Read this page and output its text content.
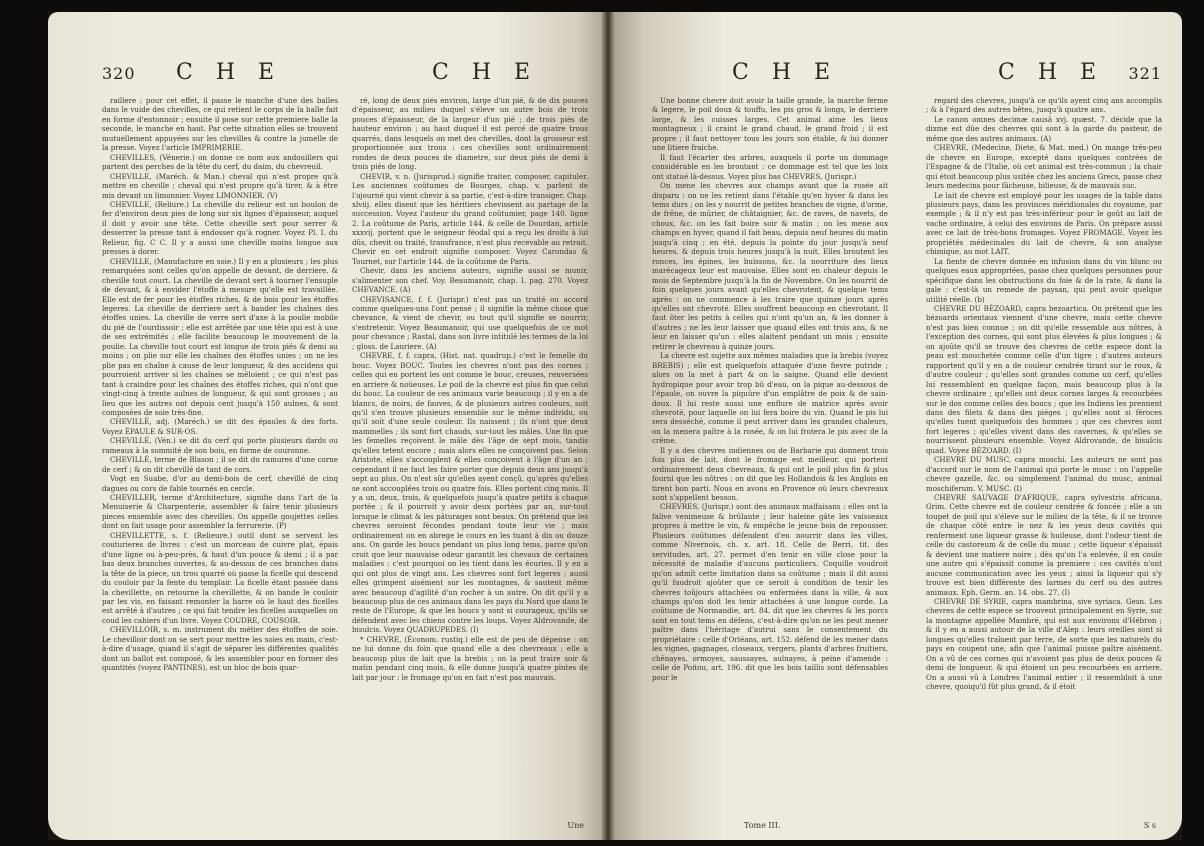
320 C H E	C H E

raillere ; pour cet effet, il passe le manche d'une des balles dans le vuide des chevilles, ce qui retient le corps de la balle fait en forme d'entonnoir ; ensuite il pose sur cette premiere balle la seconde, le manche en haut. Par cette situation elles se trouvent mutuellement appuyées sur les chevilles & contre la jumelle de la presse. Voyez l'article IMPRIMERIE.

CHEVILLES, (Vénerie.) on donne ce nom aux andouillers qui partent des perches de la tête du cerf, du daim, du chevreuil.

CHEVILLE, (Maréch. & Man.) cheval qui n'est propre qu'à mettre en cheville ; cheval qui n'est propre qu'à tirer, & à être mis devant un limonnier. Voyez LIMONNIER. (V)

CHEVILLE, (Reliure.) La cheville du relieur est un boulon de fer d'environ deux pies de long sur six lignes d'épaisseur, auquel il doit y avoir une tête. Cette cheville sert pour serrer & desserrer la presse tant à endosser qu'à rogner. Voyez Pl. I. du Relieur, fig. C C. Il y a aussi une cheville moins longue aux presses à dorer.

CHEVILLE, (Manufacture en soie.) Il y en a plusieurs ; les plus remarquées sont celles qu'on appelle de devant, de derriere, & cheville tout court. La cheville de devant sert à tourner l'ensuple de devant, & à envider l'étoffe à mesure qu'elle est travaillée. Elle est de fer pour les étoffes riches, & de bois pour les étoffes legeres. La cheville de derriere sert à bander les chaînes des étoffes unies. La cheville de verre sert d'axe à la poulie mobile du pié de l'ourdissoir ; elle est arrêtée par une tête qui est à une de ses extrémités ; elle facilite beaucoup le mouvement de la poulie. La cheville tout court est longue de trois piés & demi au moins ; on plie sur elle les chaînes des étoffes unies ; on ne les plie pas en chaîne à cause de leur longueur, & des accidens qui pourroient arriver si les chaînes se mêloient ; ce qui n'est pas tant à craindre pour les chaînes des étoffes riches, qui n'ont que vingt-cinq à trente aulnes de longueur, & qui sont grosses ; au lieu que les autres ont depuis cent jusqu'à 150 aulnes, & sont composées de soie très-fine.

CHEVILLÉ, adj. (Maréch.) se dit des épaules & des forts. Voyez ÉPAULE & SUR-OS.

CHEVILLÉ, (Vén.) se dit du cerf qui porte plusieurs dards ou rameaux à la sommité de son bois, en forme de couronne.

CHEVILLÉ, terme de Blason ; il se dit du ramures d'une corne de cerf ; & on dit chevillé de tant de cors.

Vogt en Suabe, d'or au demi-bois de cerf, chevillé de cinq dagues ou cors de fable tournés en cercle.

CHEVILLER, terme d'Architecture, signifie dans l'art de la Menuiserie & Charpenterie, assembler & faire tenir plusieurs pieces ensemble avec des chevilles. On appelle goujettes celles dont on fait usage pour assembler la ferrurerie. (P)

CHEVILLETTE, s. f. (Relieure.) outil dont se servent les couturieres de livres : c'est un morceau de cuivre plat, épais d'une ligne ou à-peu-près, & haut d'un pouce & demi ; il a par bas deux branches ouvertes, & au-dessus de ces branches dans la tête de la piece, un trou quarré où passe la ficelle qui descend du couloir par la fente du templair. La ficelle étant passée dans la chevillette, on retourne la chevillette, & on bande le couloir par les vis, en faisant remonter la barre où le haut des ficelles est arrêté à d'autres ; ce qui fait tendre les ficelles auxquelles on coud les cahiers d'un livre. Voyez COUDRE, COUSOIR.

CHEVILLOIR, s. m. instrument du métier des étoffes de soie. Le chevilloir dont on se sert pour mettre les soies en main, c'est-à-dire d'usage, quand il s'agit de séparer les différentes qualités dont un ballot est composé, & les assembler pour en former des quantités (voyez PANTINES), est un bloc de bois quar-

ré, long de deux piés environ, large d'un pié, & de dix pouces d'épaisseur, au milieu duquel s'éleve un autre bois de trois pouces d'épaisseur, de la largeur d'un pié ; de trois piés de hauteur environ ; au haut duquel il est percé de quatre trous quarrés, dans lesquels on met des chevilles, dont la grosseur est proportionnée aux trous : ces chevilles sont ordinairement rondes de deux pouces de diametre, sur deux piés de demi à trois piés de long.

CHEVIR, v. n. (Jurisprud.) signifie traiter, composer, capituler. Les anciennes coûtumes de Bourges, chap. v. parlent de l'ajourné qui vient chevir à sa partie, c'est-à-dire transiger. Chap. xlviij. elles disent que les héritiers chevissent au partage de la succession. Voyez l'auteur du grand coûtumier, page 140. ligne 2. La coûtume de Paris, article 144. & celle de Dourdan, article xxxvij. portent que le seigneur féodal qui a reçu les droits à lui dûs, chevit ou traité, transfrance, n'est plus recevable au retrait. Chevir en cet endroit signifie composer. Voyez Carondas & Tournet, sur l'article 144. de la coûtume de Paris.

Chevir, dans les anciens auteurs, signifie aussi se munir, s'alimenter son chef. Voy. Beaumanoir, chap. I. pag. 270. Voyez CHEVANCE. (A)

CHEVISANCE, f. f. (Jurispr.) n'est pas un traité ou accord comme quelques-uns l'ont pensé ; il signifie la même chose que chevance, & vient de chevir, ou tout qu'il signifie se nourrir, s'entretenir. Voyez Beaumanoir, qui use quelquefois de ce mot pour chevance ; Rastal, dans son livre intitulé les termes de la loi ; gloss. de Lauriere. (A)

CHEVRE, f. f. capra, (Hist. nat. quadrup.) c'est le femelle du bouc. Voyez BOUC. Toutes les chevres n'ont pas des cornes ; celles qui en portent les ont comme le bouc, creuses, renversées en arriere & noüeuses. Le poil de la chevre est plus fin que celui du bouc. La couleur de ces animaux varie beaucoup ; il y en a de blancs, de noirs, de fauves, & de plusieurs autres couleurs, soit qu'il s'en trouve plusieurs ensemble sur le même individu, ou qu'il soit d'une seule couleur. Ils naissent ; ils n'ont que deux mammelles ; ils sont fort chauds, sur-tout les mâles. Une fin que les femelles reçoivent le mâle dès l'âge de sept mois, tandis qu'elles tetent encore ; mais alors elles ne conçoivent pas. Selon Aristote, elles s'accouplent & elles conçoivent à l'âge d'un an ; cependant il ne faut les faire porter que depuis deux ans jusqu'à sept au plus. On n'est sûr qu'elles ayent conçû, qu'après qu'elles se sont accouplées trois ou quatre fois. Elles portent cinq mois. Il y a un, deux, trois, & quelquefois jusqu'à quatre petits à chaque portée ; & il pourroit y avoir deux portées par an, sur-tout lorsque le climat & les pâturages sont beaux. On prétend que les chevres seroient fécondes pendant toute leur vie ; mais ordinairement on en abrege le cours en les tuant à dix ou douze ans. On garde les boucs pendant un plus long tems, parce qu'on croit que leur mauvaise odeur garantit les chevaux de certaines maladies : c'est pourquoi on les tient dans les écuries. Il y en a qui ont plus de vingt ans. Les chevres sont fort legeres ; aussi elles grimpent aisément sur les montagnes, & sautent même avec beaucoup d'agilité d'un rocher à un autre. On dit qu'il y a beaucoup plus de ces animaux dans les pays du Nord que dans le reste de l'Europe, & que les boucs y sont si courageux, qu'ils se défendent avec les chiens contre les loups. Voyez Aldrovande, de bisulcis. Voyez QUADRUPEDES. (I)

* CHEVRE, (Économ. rustiq.) elle est de peu de dépense : on ne lui donne du foin que quand elle a des chevreaux ; elle a beaucoup plus de lait que la brebis ; on la peut traire soir & matin pendant cinq mois, & elle donne jusqu'à quatre pintes de lait par jour : le fromage qu'on en fait n'est pas mauvais.

Une
C H E	C H E 321

Une bonne chevre doit avoir la taille grande, la marche ferme & legere, le poil doux & touffu, les pis gros & longs, le derriere large, & les cuisses larges. Cet animal aime les lieux montagneux ; il craint le grand chaud, le grand froid ; il est propre ; il faut nettoyer tous les jours son étable, & lui donner une litiere fraiche.

Il faut l'écarter des arbres, auxquels il porte un dommage considérable en les broutant : ce dommage est tel que les loix ont statué là-dessus. Voyez plus bas CHEVRES, (Jurispr.)

On mene les chevres aux champs avant que la rosée ait disparu : on ne les retient dans l'étable qu'en hyver & dans les tems durs ; on les y nourrit de petites branches de vigne, d'orme, de frêne, de mûrier, de châtaignier, &c. de raves, de navets, de choux, &c. on les fait boire soir & matin ; on les mene aux champs en hyver, quand il fait beau, depuis neuf heures du matin jusqu'à cinq ; en été, depuis la pointe du jour jusqu'à neuf heures, & depuis trois heures jusqu'à la nuit. Elles broutent les ronces, les épines, les buissons, &c. la nourriture des lieux marécageux leur est mauvaise. Elles sont en chaleur depuis le mois de Septembre jusqu'à la fin de Novembre. On les nourrit de foin quelques jours avant qu'elles chevrotent, & quelque tems après : on ne commence à les traire que quinze jours après qu'elles ont chevroté. Elles souffrent beaucoup en chevrotant. Il faut ôter les petits à celles qui n'ont qu'un an, & les donner à d'autres ; ne les leur laisser que quand elles ont trois ans, & ne leur en laisser qu'un : elles alaitent pendant un mois ; ensuite retirer le chevreau à quinze jours.

La chevre est sujette aux mêmes maladies que la brebis (voyez BREBIS) ; elle est quelquefois attaquée d'une fievre putride ; alors on la met à part & on la saigne. Quand elle devient hydropique pour avoir trop bû d'eau, on la pique au-dessous de l'épaule, on ouvre la piquûre d'un emplâtre de poix & de sain-doux. Il lui reste aussi une enflure de matrice après avoir chevroté, pour laquelle on lui fera boire du vin. Quand le pis lui sera desséché, comme il peut arriver dans les grandes chaleurs, on la menera paître à la rosée, & on lui frotera le pis avec de la crême.

Il y a des chevres indiennes ou de Barbarie qui donnent trois fois plus de lait, dont le fromage est meilleur, qui portent ordinairement deux chevreaux, & qui ont le poil plus fin & plus fourni que les nôtres : on dit que les Hollandois & les Anglois en tirent bon parti. Nous en avons en Provence où leurs chevreaux sont s'appellent besson.

CHEVRES, (Jurispr.) sont des animaux malfaisans : elles ont la falive venimeuse & brûlante ; leur haleine gâte les vaisseaux propres à mettre le vin, & empêche le jeune bois de repousser. Plusieurs coûtumes défendent d'en nourrir dans les villes, comme Nivernois, ch. x. art. 18. Celle de Berri, tit. des servitudes, art. 27. permet d'en tenir en ville close pour la nécessité de maladie d'aucuns particuliers. Coquille voudroit qu'on admît cette limitation dans sa coûtume ; mais il dit aussi qu'il faudroit ajoûter que ce seroit à condition de tenir les chevres toûjours attachées ou enfermées dans la ville, & aux champs qu'on doit les tenir attachées à une longue corde. La coûtume de Normandie, art. 84. dit que les chevres & les porcs sont en tout tems en défens, c'est-à-dire qu'on ne les peut mener paître dans l'héritage d'autrui sans le consentement du propriétaire : celle d'Orléans, art. 152. défend de les mener dans les vignes, gagnages, closeaux, vergers, plants d'arbres fruitiers, chênayes, ormoyes, saussayes, aulnayes, à peine d'amende : celle de Poitou, art. 196. dit que les bois taillis sont défensables pour le

regard des chevres, jusqu'à ce qu'ils ayent cinq ans accomplis ; & à l'égard des autres bêtes, jusqu'à quatre ans.

Le canon omnes decimæ causâ xvj. quæst. 7. décide que la dixme est dûe des chevres qui sont à la garde du pasteur, de même que des autres animaux. (A)

CHEVRE, (Medecine, Diete, & Mat. med.) On mange très-peu de chevre en Europe, excepté dans quelques contrées de l'Espagne & de l'Italie, où cet animal est très-commun ; la chair qui étoit beaucoup plus usitée chez les anciens Grecs, passe chez leurs medecins pour fâcheuse, bilieuse, & de mauvais suc.

Le lait de chevre est employé pour les usages de la table dans plusieurs pays, dans les provinces méridionales du royaume, par exemple ; & il n'y est pas très-inférieur pour le goût au lait de vache ordinaire, à celui des environs de Paris. On prépare aussi avec ce lait de très-bons fromages. Voyez FROMAGE. Voyez les propriétés médecinales du lait de chevre, & son analyse chimique, au mot LAIT.

La fiente de chevre donnée en infusion dans du vin blanc ou quelques eaux appropriées, passe chez quelques personnes pour spécifique dans les obstructions du foie & de la rate, & dans la gale : c'est-là un remede de paysan, qui peut avoir quelque utilité réelle. (b)

CHEVRE DU BÉZOARD, capra bezoartica. On prétend que les bézoards orientaux viennent d'une chevre, mais cette chevre n'est pas bien connue ; on dit qu'elle ressemble aux nôtres, à l'exception des cornes, qui sont plus élevées & plus longues ; & on ajoûte qu'il se trouve des chevres de cette espece dont la peau est mouchetée comme celle d'un tigre ; d'autres auteurs rapportent qu'il y en a de couleur cendrée tirant sur le roux, & d'autre couleur ; qu'elles sont grandes comme un cerf, qu'elles lui ressemblent en quelque façon, mais beaucoup plus à la chevre ordinaire ; qu'elles ont deux cornes larges & recourbées sur le dos comme celles des boucs ; que les Indiens les prennent dans des filets & dans des piéges ; qu'elles sont si féroces qu'elles tuent quelquefois des hommes ; que ces chevres sont fort legeres ; qu'elles vivent dans des cavernes, & qu'elles se nourrissent plusieurs ensemble. Voyez Aldrovande, de bisulcis quad. Voyez BÉZOARD. (I)

CHEVRE DU MUSC, capra moschi. Les auteurs ne sont pas d'accord sur le nom de l'animal qui porte le musc : on l'appelle chevre gazelle, &c. ou simplement l'animal du musc, animal moschiferum. V. MUSC. (I)

CHEVRE SAUVAGE D'AFRIQUE, capra sylvestris africana. Grim. Cette chevre est de couleur cendrée & foncée ; elle a un toupet de poil qui s'éleve sur le milieu de la tête, & il se trouve de chaque côté entre le nez & les yeux deux cavités qui renferment une liqueur grasse & huileuse, dont l'odeur tient de celle du castoreum & de celle du musc ; cette liqueur s'épaissit & devient une matiere noire ; dès qu'on l'a enlevée, il en coule une autre qui s'épaissit comme la premiere : ces cavités n'ont aucune communication avec les yeux ; ainsi la liqueur qui s'y trouve est bien différente des larmes du cerf ou des autres animaux. Eph. Germ. an. 14. obs. 27. (I)

CHEVRE DE SYRIE, capra mambrina, sive syriaca. Gesn. Les chevres de cette espece se trouvent principalement en Syrie, sur la montagne appellée Mambré, qui est aux environs d'Hébron ; & il y en a aussi autour de la ville d'Alep : leurs oreilles sont si longues qu'elles traînent par terre, de sorte que les naturels du pays en coupent une, afin que l'animal puisse paître aisément. On a vû de ces cornes qui n'avoient pas plus de deux pouces & demi de longueur, & qui étoient un peu recourbées en arriere. On a aussi vû à Londres l'animal entier ; il ressembloit à une chevre, quoiqu'il fût plus grand, & il étoit

Tome III.	S s
